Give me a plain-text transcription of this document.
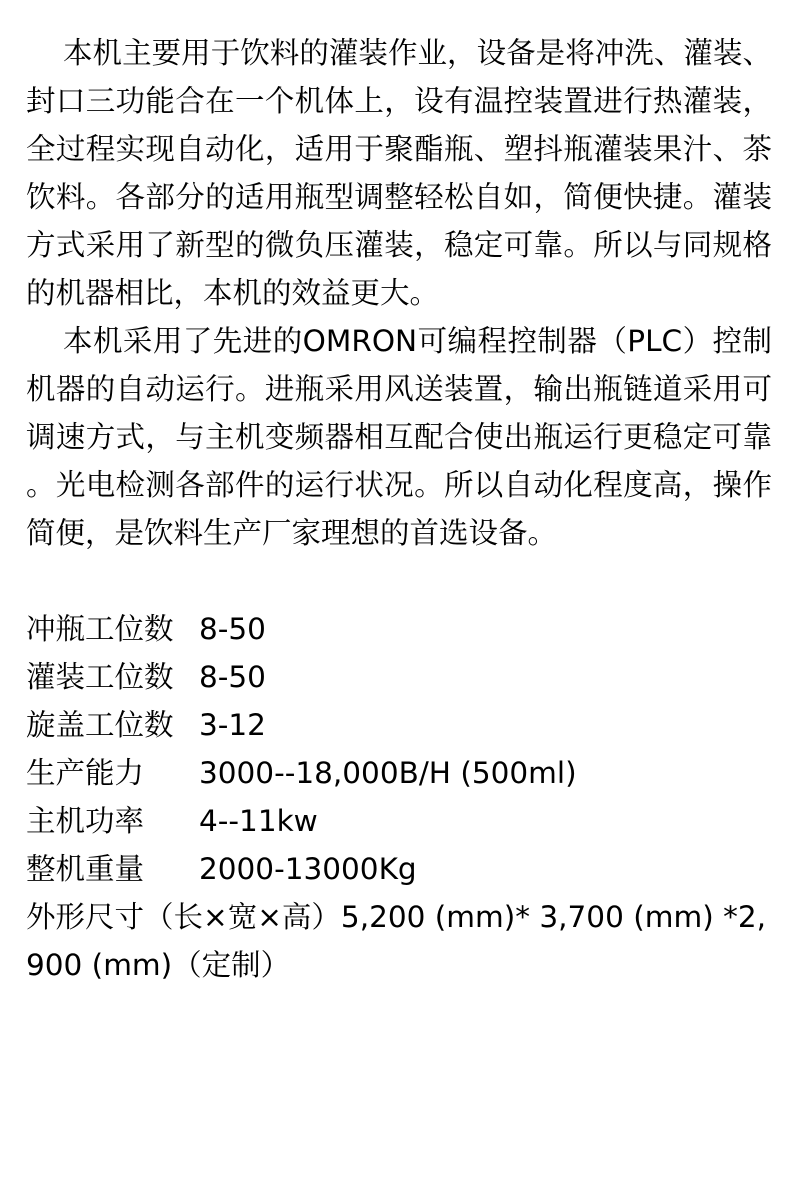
本机主要用于饮料的灌装作业，设备是将冲洗、灌装、封口三功能合在一个机体上，设有温控装置进行热灌装，全过程实现自动化，适用于聚酯瓶、塑抖瓶灌装果汁、茶饮料。各部分的适用瓶型调整轻松自如，简便快捷。灌装方式采用了新型的微负压灌装，稳定可靠。所以与同规格的机器相比，本机的效益更大。

本机采用了先进的OMRON可编程控制器（PLC）控制机器的自动运行。进瓶采用风送装置，输出瓶链道采用可调速方式，与主机变频器相互配合使出瓶运行更稳定可靠。光电检测各部件的运行状况。所以自动化程度高，操作简便，是饮料生产厂家理想的首选设备。

冲瓶工位数 8-50
灌装工位数 8-50
旋盖工位数 3-12
生产能力	3000--18,000B/H (500ml)
主机功率	4--11kw
整机重量	2000-13000Kg

外形尺寸（长×宽×高）5,200 (mm)* 3,700 (mm) *2,900 (mm)（定制）
